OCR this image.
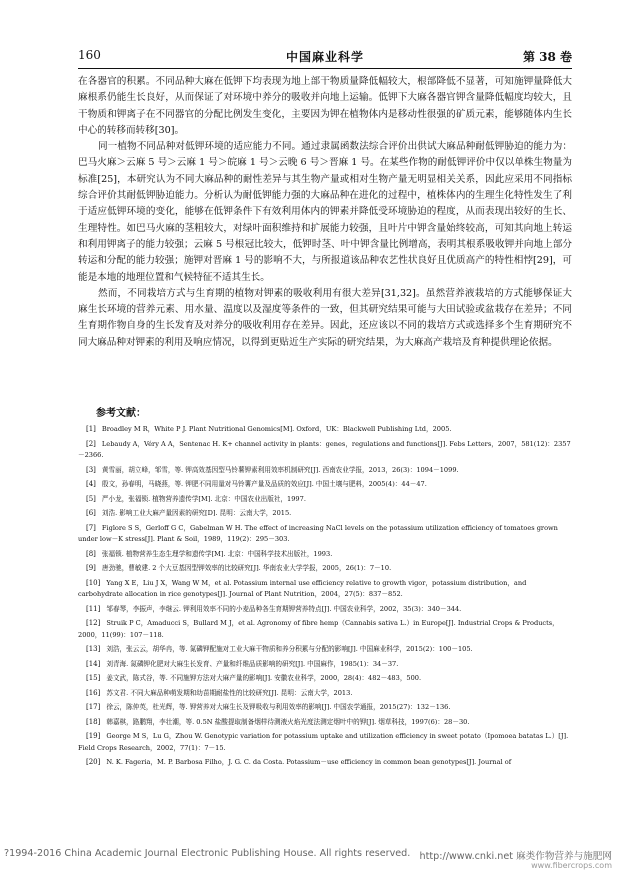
160	中国麻业科学	第 38 卷

在各器官的积累。不同品种大麻在低钾下均表现为地上部干物质量降低幅较大，根部降低不显著，可知施钾量降低大麻根系仍能生长良好，从而保证了对环境中养分的吸收并向地上运输。低钾下大麻各器官钾含量降低幅度均较大，且干物质和钾离子在不同器官的分配比例发生变化，主要因为钾在植物体内是移动性很强的矿质元素，能够随体内生长中心的转移而转移[30]。

同一植物不同品种对低钾环境的适应能力不同。通过隶属函数法综合评价出供试大麻品种耐低钾胁迫的能力为：巴马火麻＞云麻 5 号＞云麻 1 号＞皖麻 1 号＞云晚 6 号＞晋麻 1 号。在某些作物的耐低钾评价中仅以单株生物量为标准[25]，本研究认为不同大麻品种的耐性差异与其生物产量或相对生物产量无明显相关关系，因此应采用不同指标综合评价其耐低钾胁迫能力。分析认为耐低钾能力强的大麻品种在进化的过程中，植株体内的生理生化特性发生了利于适应低钾环境的变化，能够在低钾条件下有效利用体内的钾素并降低受环境胁迫的程度，从而表现出较好的生长、生理特性。如巴马火麻的茎粗较大，对绿叶面积维持和扩展能力较强，且叶片中钾含量始终较高，可知其向地上转运和利用钾离子的能力较强；云麻 5 号根冠比较大，低钾时茎、叶中钾含量比例增高，表明其根系吸收钾并向地上部分转运和分配的能力较强；施钾对晋麻 1 号的影响不大，与所报道该品种农艺性状良好且优质高产的特性相悖[29]，可能是本地的地理位置和气候特征不适其生长。

然而，不同栽培方式与生育期的植物对钾素的吸收利用有很大差异[31,32]。虽然营养液栽培的方式能够保证大麻生长环境的营养元素、用水量、温度以及湿度等条件的一致，但其研究结果可能与大田试验或盆栽存在差异；不同生育期作物自身的生长发育及对养分的吸收利用存在差异。因此，还应该以不同的栽培方式或选择多个生育期研究不同大麻品种对钾素的利用及响应情况，以得到更贴近生产实际的研究结果，为大麻高产栽培及育种提供理论依据。

参考文献：

[1] Broadley M R，White P J. Plant Nutritional Genomics[M]. Oxford，UK：Blackwell Publishing Ltd，2005.

[2] Lebaudy A，Véry A A，Sentenac H. K+ channel activity in plants：genes，regulations and functions[J]. Febs Letters，2007，581(12)：2357－2366.

[3] 黄雪丽，胡立峰，邹雪，等. 钾高效基因型马铃薯钾素利用效率机制研究[J]. 西南农业学报，2013，26(3)：1094－1099.

[4] 殷文，孙春明，马晓燕，等. 钾肥不同用量对马铃薯产量及品质的效应[J]. 中国土壤与肥料，2005(4)：44－47.

[5] 严小龙，张福锁. 植物营养遗传学[M]. 北京：中国农业出版社，1997.

[6] 刘浩. 影响工业大麻产量因素的研究[D]. 昆明：云南大学，2015.

[7] Figlore S S，Gerloff G C，Gabelman W H. The effect of increasing NaCl levels on the potassium utilization efficiency of tomatoes grown under low－K stress[J]. Plant & Soil，1989，119(2)：295－303.

[8] 张福锁. 植物营养生态生理学和遗传学[M]. 北京：中国科学技术出版社，1993.

[9] 唐劲驰，曹敏建. 2 个大豆基因型钾效率的比较研究[J]. 华南农业大学学报，2005，26(1)：7－10.

[10] Yang X E，Liu J X，Wang W M，et al. Potassium internal use efficiency relative to growth vigor，potassium distribution，and carbohydrate allocation in rice genotypes[J]. Journal of Plant Nutrition，2004，27(5)：837－852.

[11] 邹春琴，李振声，李继云. 钾利用效率不同的小麦品种各生育期钾营养特点[J]. 中国农业科学，2002，35(3)：340－344.

[12] Struik P C，Amaducci S，Bullard M J，et al. Agronomy of fibre hemp（Cannabis sativa L.）in Europe[J]. Industrial Crops & Products，2000，11(99)：107－118.

[13] 刘浩，张云云，胡华冉，等. 氮磷钾配施对工业大麻干物质和养分积累与分配的影响[J]. 中国麻业科学，2015(2)：100－105.

[14] 刘青海. 氮磷钾化肥对大麻生长发育、产量和纤维品质影响的研究[J]. 中国麻作，1985(1)：34－37.

[15] 姜文武，陈式谷，等. 不同施钾方法对大麻产量的影响[J]. 安徽农业科学，2000，28(4)：482－483，500.

[16] 苏文君. 不同大麻品种萌发期和幼苗期耐盐性的比较研究[J]. 昆明：云南大学，2013.

[17] 徐云，陈仲英，杜光辉，等. 钾营养对大麻生长及钾吸收与利用效率的影响[J]. 中国农学通报，2015(27)：132－136.

[18] 韩嘉棋，路鹏翔，李壮潮，等. 0.5N 盐酸提取制备烟样待测液火焰光度法测定烟叶中的钾[J]. 烟草科技，1997(6)：28－30.

[19] George M S，Lu G，Zhou W. Genotypic variation for potassium uptake and utilization efficiency in sweet potato（Ipomoea batatas L.）[J]. Field Crops Research，2002，77(1)：7－15.

[20] N. K. Fageria，M. P. Barbosa Filho，J. G. C. da Costa. Potassium－use efficiency in common bean genotypes[J]. Journal of

?1994-2016 China Academic Journal Electronic Publishing House. All rights reserved. http://www.cnki.net 麻类作物营养与施肥网
www.fibercrops.com
